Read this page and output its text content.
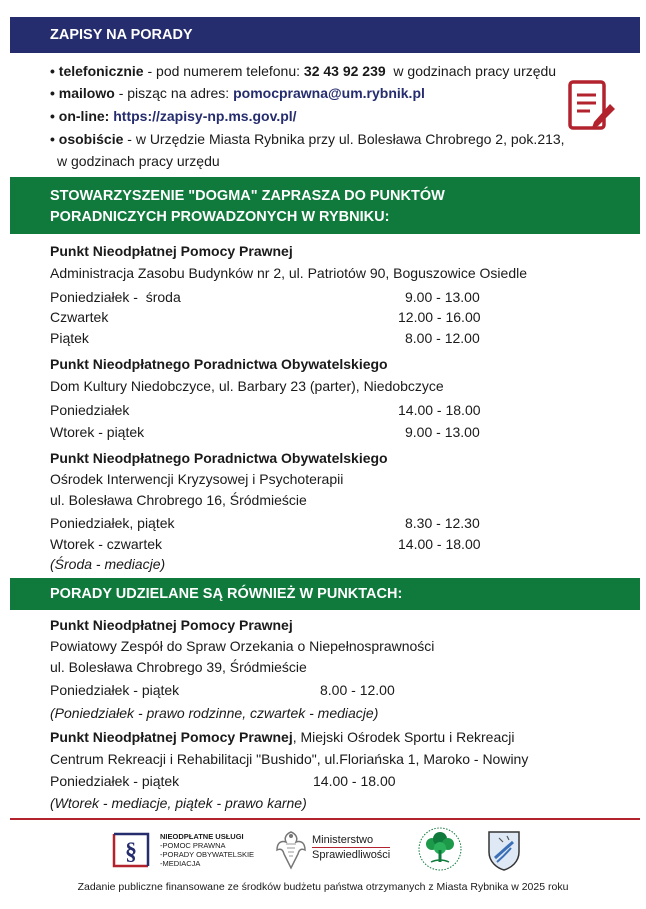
ZAPISY NA PORADY
• telefonicznie - pod numerem telefonu: 32 43 92 239  w godzinach pracy urzędu
• mailowo - pisząc na adres: pomocprawna@um.rybnik.pl
• on-line: https://zapisy-np.ms.gov.pl/
• osobiście - w Urzędzie Miasta Rybnika przy ul. Bolesława Chrobrego 2, pok.213,
w godzinach pracy urzędu
STOWARZYSZENIE "DOGMA" ZAPRASZA DO PUNKTÓW
PORADNICZYCH PROWADZONYCH W RYBNIKU:
Punkt Nieodpłatnej Pomocy Prawnej
Administracja Zasobu Budynków nr 2, ul. Patriotów 90, Boguszowice Osiedle
Poniedziałek -  środa	9.00 - 13.00
Czwartek	12.00 - 16.00
Piątek	8.00 - 12.00
Punkt Nieodpłatnego Poradnictwa Obywatelskiego
Dom Kultury Niedobczyce, ul. Barbary 23 (parter), Niedobczyce
Poniedziałek	14.00 - 18.00
Wtorek - piątek	9.00 - 13.00
Punkt Nieodpłatnego Poradnictwa Obywatelskiego
Ośrodek Interwencji Kryzysowej i Psychoterapii
ul. Bolesława Chrobrego 16, Śródmieście
Poniedziałek, piątek	8.30 - 12.30
Wtorek - czwartek	14.00 - 18.00
(Środa - mediacje)
PORADY UDZIELANE SĄ RÓWNIEŻ W PUNKTACH:
Punkt Nieodpłatnej Pomocy Prawnej
Powiatowy Zespół do Spraw Orzekania o Niepełnosprawności
ul. Bolesława Chrobrego 39, Śródmieście
Poniedziałek - piątek	8.00 - 12.00
(Poniedziałek - prawo rodzinne, czwartek - mediacje)
Punkt Nieodpłatnej Pomocy Prawnej, Miejski Ośrodek Sportu i Rekreacji
Centrum Rekreacji i Rehabilitacji "Bushido", ul.Floriańska 1, Maroko - Nowiny
Poniedziałek - piątek	14.00 - 18.00
(Wtorek - mediacje, piątek - prawo karne)
§
NIEODPŁATNE USŁUGI
-POMOC PRAWNA
-PORADY OBYWATELSKIE
-MEDIACJA
Ministerstwo
Sprawiedliwości
Zadanie publiczne finansowane ze środków budżetu państwa otrzymanych z Miasta Rybnika w 2025 roku
